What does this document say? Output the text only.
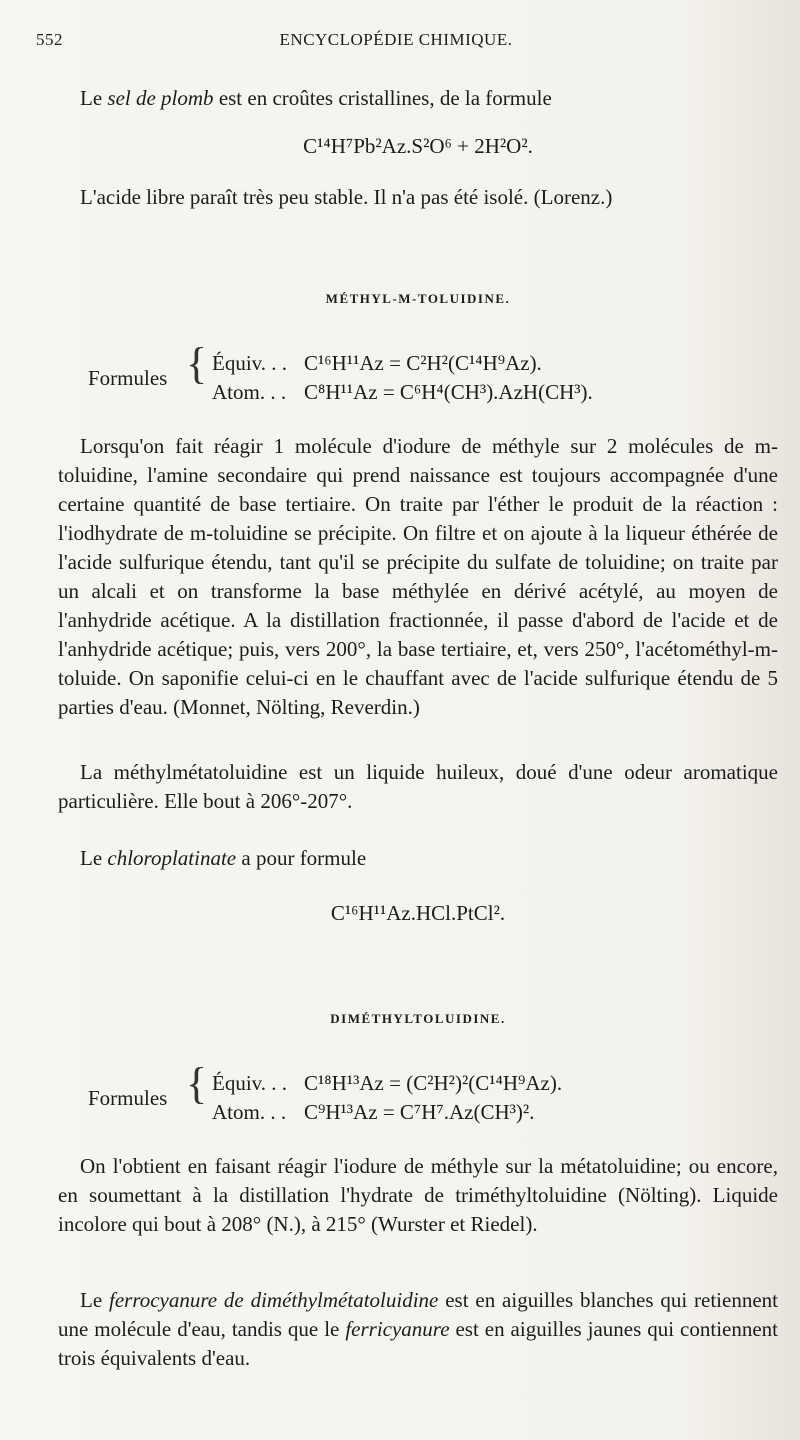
552	ENCYCLOPÉDIE CHIMIQUE.
Le sel de plomb est en croûtes cristallines, de la formule
C¹⁴H⁷Pb²Az.S²O⁶ + 2H²O².
L'acide libre paraît très peu stable. Il n'a pas été isolé. (Lorenz.)
MÉTHYL-M-TOLUIDINE.
Formules { Équiv. . . C¹⁶H¹¹Az = C²H²(C¹⁴H⁹Az).
Atom. . . C⁸H¹¹Az = C⁶H⁴(CH³).AzH(CH³).
Lorsqu'on fait réagir 1 molécule d'iodure de méthyle sur 2 molécules de m-toluidine, l'amine secondaire qui prend naissance est toujours accompagnée d'une certaine quantité de base tertiaire. On traite par l'éther le produit de la réaction : l'iodhydrate de m-toluidine se précipite. On filtre et on ajoute à la liqueur éthérée de l'acide sulfurique étendu, tant qu'il se précipite du sulfate de toluidine; on traite par un alcali et on transforme la base méthylée en dérivé acétylé, au moyen de l'anhydride acétique. A la distillation fractionnée, il passe d'abord de l'acide et de l'anhydride acétique; puis, vers 200°, la base tertiaire, et, vers 250°, l'acétométhyl-m-toluide. On saponifie celui-ci en le chauffant avec de l'acide sulfurique étendu de 5 parties d'eau. (Monnet, Nölting, Reverdin.)
La méthylmétatoluidine est un liquide huileux, doué d'une odeur aromatique particulière. Elle bout à 206°-207°.
Le chloroplatinate a pour formule
C¹⁶H¹¹Az.HCl.PtCl².
DIMÉTHYLTOLUIDINE.
Formules { Équiv. . . C¹⁸H¹³Az = (C²H²)²(C¹⁴H⁹Az).
Atom. . . C⁹H¹³Az = C⁷H⁷.Az(CH³)².
On l'obtient en faisant réagir l'iodure de méthyle sur la métatoluidine; ou encore, en soumettant à la distillation l'hydrate de triméthyltoluidine (Nölting). Liquide incolore qui bout à 208° (N.), à 215° (Wurster et Riedel).
Le ferrocyanure de diméthylmétatoluidine est en aiguilles blanches qui retiennent une molécule d'eau, tandis que le ferricyanure est en aiguilles jaunes qui contiennent trois équivalents d'eau.
